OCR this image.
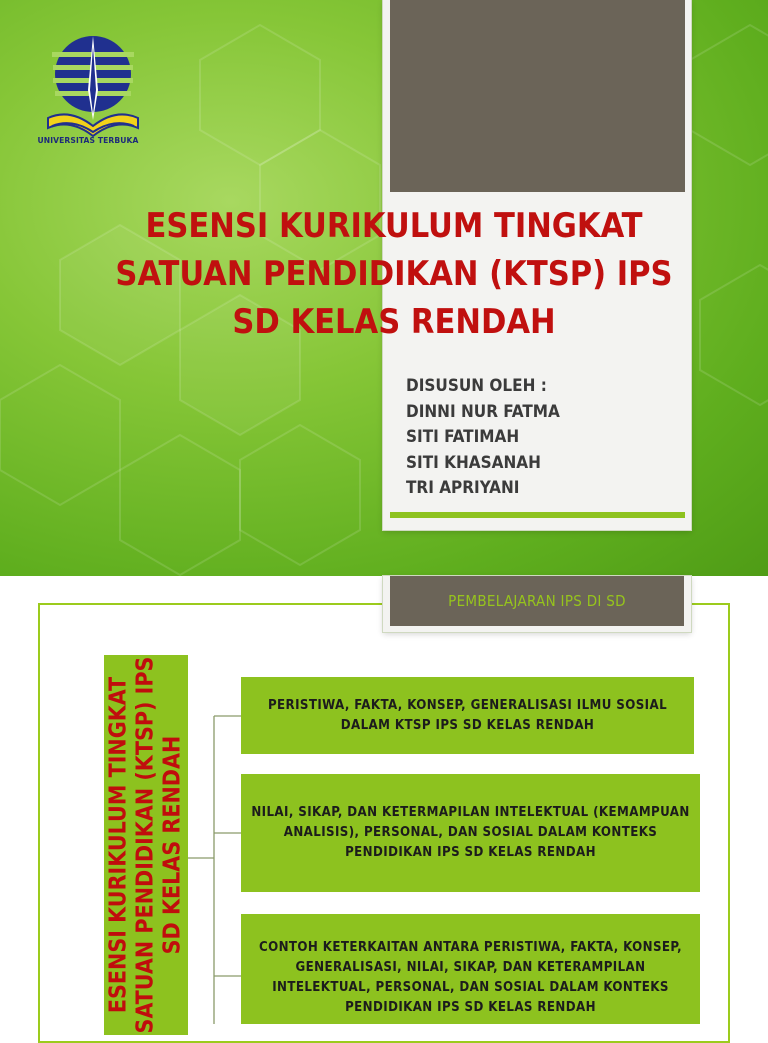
UNIVERSITAS TERBUKA
ESENSI KURIKULUM TINGKAT
SATUAN PENDIDIKAN (KTSP) IPS
SD KELAS RENDAH
DISUSUN OLEH :
DINNI NUR FATMA
SITI FATIMAH
SITI KHASANAH
TRI APRIYANI
PEMBELAJARAN IPS DI SD
ESENSI KURIKULUM TINGKAT SATUAN PENDIDIKAN (KTSP) IPS SD KELAS RENDAH
PERISTIWA, FAKTA, KONSEP, GENERALISASI ILMU SOSIAL DALAM KTSP IPS SD KELAS RENDAH
NILAI, SIKAP, DAN KETERMAPILAN INTELEKTUAL (KEMAMPUAN ANALISIS), PERSONAL, DAN SOSIAL DALAM KONTEKS PENDIDIKAN IPS SD KELAS RENDAH
CONTOH KETERKAITAN ANTARA PERISTIWA, FAKTA, KONSEP, GENERALISASI, NILAI, SIKAP, DAN KETERAMPILAN INTELEKTUAL, PERSONAL, DAN SOSIAL DALAM KONTEKS PENDIDIKAN IPS SD KELAS RENDAH
